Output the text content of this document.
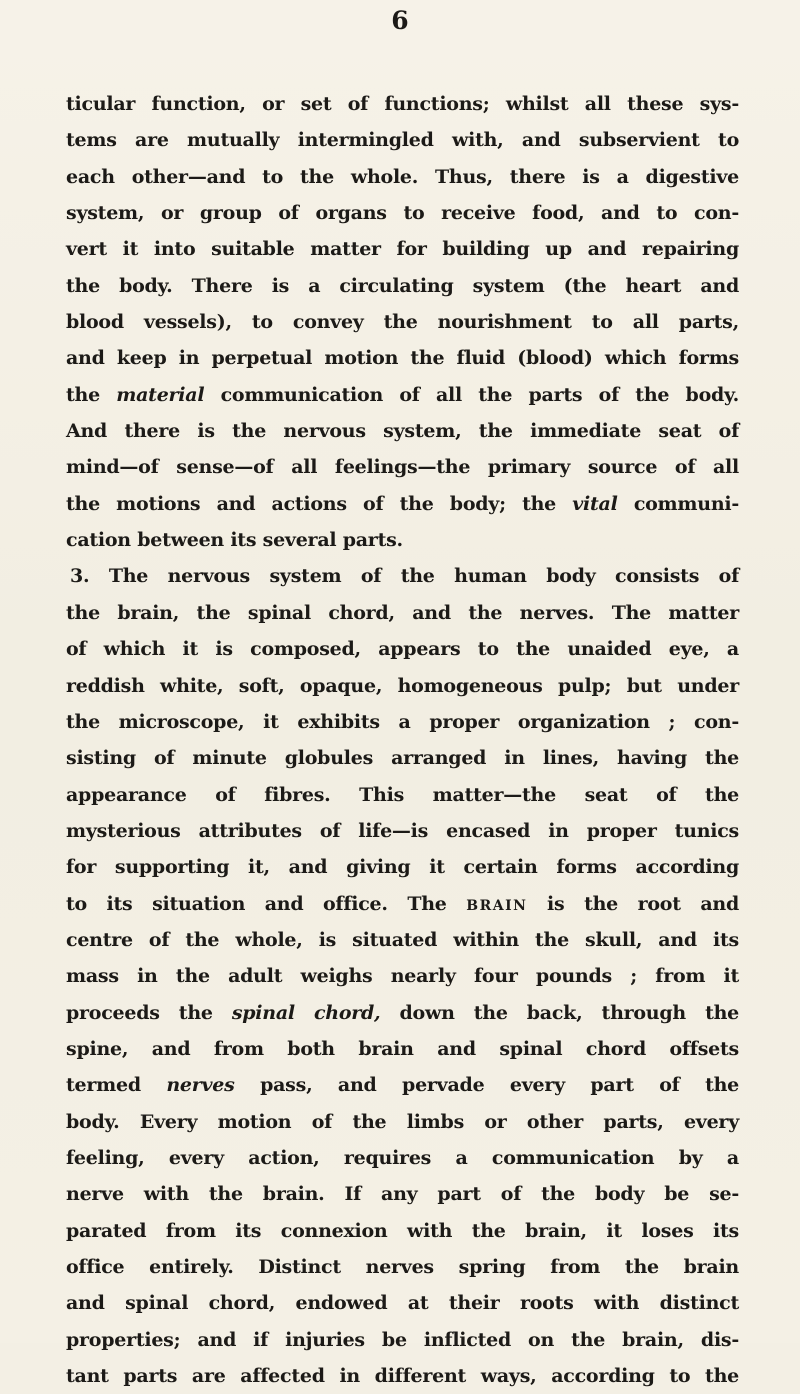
6
ticular function, or set of functions; whilst all these sys-
tems are mutually intermingled with, and subservient to
each other—and to the whole. Thus, there is a digestive
system, or group of organs to receive food, and to con-
vert it into suitable matter for building up and repairing
the body. There is a circulating system (the heart and
blood vessels), to convey the nourishment to all parts,
and keep in perpetual motion the fluid (blood) which forms
the material communication of all the parts of the body.
And there is the nervous system, the immediate seat of
mind—of sense—of all feelings—the primary source of all
the motions and actions of the body; the vital communi-
cation between its several parts.
3. The nervous system of the human body consists of
the brain, the spinal chord, and the nerves. The matter
of which it is composed, appears to the unaided eye, a
reddish white, soft, opaque, homogeneous pulp; but under
the microscope, it exhibits a proper organization ; con-
sisting of minute globules arranged in lines, having the
appearance of fibres. This matter—the seat of the
mysterious attributes of life—is encased in proper tunics
for supporting it, and giving it certain forms according
to its situation and office. The BRAIN is the root and
centre of the whole, is situated within the skull, and its
mass in the adult weighs nearly four pounds ; from it
proceeds the spinal chord, down the back, through the
spine, and from both brain and spinal chord offsets
termed nerves pass, and pervade every part of the
body. Every motion of the limbs or other parts, every
feeling, every action, requires a communication by a
nerve with the brain. If any part of the body be se-
parated from its connexion with the brain, it loses its
office entirely. Distinct nerves spring from the brain
and spinal chord, endowed at their roots with distinct
properties; and if injuries be inflicted on the brain, dis-
tant parts are affected in different ways, according to the
